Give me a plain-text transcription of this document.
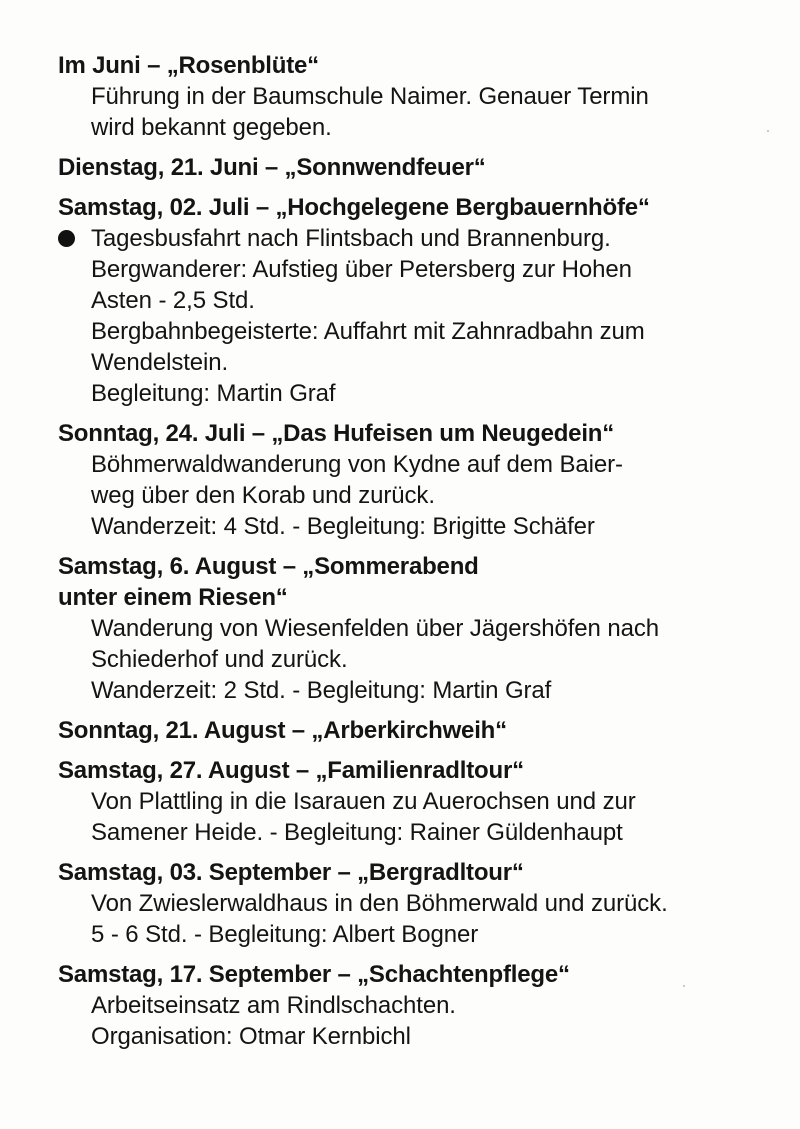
Im Juni – „Rosenblüte“
Führung in der Baumschule Naimer. Genauer Termin
wird bekannt gegeben.
Dienstag, 21. Juni – „Sonnwendfeuer“
Samstag, 02. Juli – „Hochgelegene Bergbauernhöfe“
Tagesbusfahrt nach Flintsbach und Brannenburg.
Bergwanderer: Aufstieg über Petersberg zur Hohen
Asten - 2,5 Std.
Bergbahnbegeisterte: Auffahrt mit Zahnradbahn zum
Wendelstein.
Begleitung: Martin Graf
Sonntag, 24. Juli – „Das Hufeisen um Neugedein“
Böhmerwaldwanderung von Kydne auf dem Baier-
weg über den Korab und zurück.
Wanderzeit: 4 Std. - Begleitung: Brigitte Schäfer
Samstag, 6. August – „Sommerabend
unter einem Riesen“
Wanderung von Wiesenfelden über Jägershöfen nach
Schiederhof und zurück.
Wanderzeit: 2 Std. - Begleitung: Martin Graf
Sonntag, 21. August – „Arberkirchweih“
Samstag, 27. August – „Familienradltour“
Von Plattling in die Isarauen zu Auerochsen und zur
Samener Heide. - Begleitung: Rainer Güldenhaupt
Samstag, 03. September – „Bergradltour“
Von Zwieslerwaldhaus in den Böhmerwald und zurück.
5 - 6 Std. - Begleitung: Albert Bogner
Samstag, 17. September – „Schachtenpflege“
Arbeitseinsatz am Rindlschachten.
Organisation: Otmar Kernbichl
